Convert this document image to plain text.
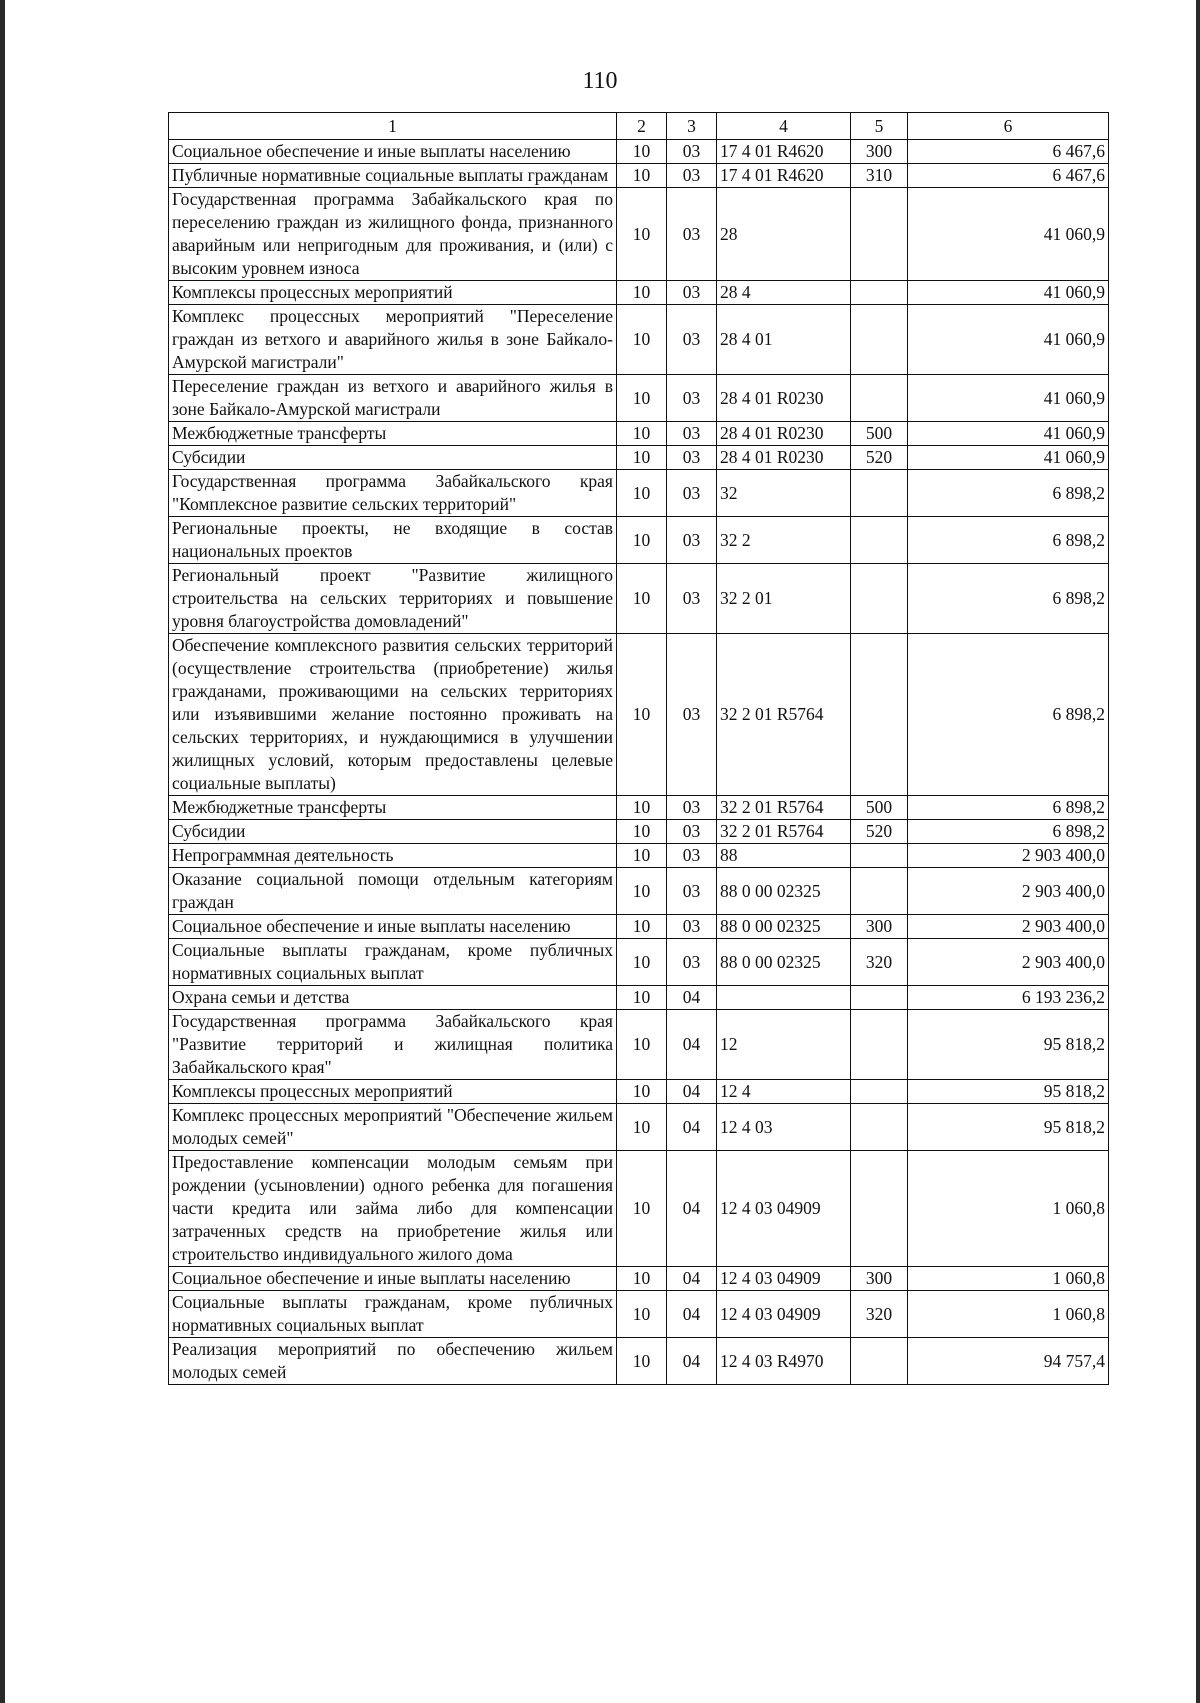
110
1	2	3	4	5	6
Социальное обеспечение и иные выплаты населению	10	03	17 4 01 R4620	300	6 467,6
Публичные нормативные социальные выплаты гражданам	10	03	17 4 01 R4620	310	6 467,6
Государственная программа Забайкальского края по переселению граждан из жилищного фонда, признанного аварийным или непригодным для проживания, и (или) с высоким уровнем износа	10	03	28		41 060,9
Комплексы процессных мероприятий	10	03	28 4		41 060,9
Комплекс процессных мероприятий "Переселение граждан из ветхого и аварийного жилья в зоне Байкало-Амурской магистрали"	10	03	28 4 01		41 060,9
Переселение граждан из ветхого и аварийного жилья в зоне Байкало-Амурской магистрали	10	03	28 4 01 R0230		41 060,9
Межбюджетные трансферты	10	03	28 4 01 R0230	500	41 060,9
Субсидии	10	03	28 4 01 R0230	520	41 060,9
Государственная программа Забайкальского края "Комплексное развитие сельских территорий"	10	03	32		6 898,2
Региональные проекты, не входящие в состав национальных проектов	10	03	32 2		6 898,2
Региональный проект "Развитие жилищного строительства на сельских территориях и повышение уровня благоустройства домовладений"	10	03	32 2 01		6 898,2
Обеспечение комплексного развития сельских территорий (осуществление строительства (приобретение) жилья гражданами, проживающими на сельских территориях или изъявившими желание постоянно проживать на сельских территориях, и нуждающимися в улучшении жилищных условий, которым предоставлены целевые социальные выплаты)	10	03	32 2 01 R5764		6 898,2
Межбюджетные трансферты	10	03	32 2 01 R5764	500	6 898,2
Субсидии	10	03	32 2 01 R5764	520	6 898,2
Непрограммная деятельность	10	03	88		2 903 400,0
Оказание социальной помощи отдельным категориям граждан	10	03	88 0 00 02325		2 903 400,0
Социальное обеспечение и иные выплаты населению	10	03	88 0 00 02325	300	2 903 400,0
Социальные выплаты гражданам, кроме публичных нормативных социальных выплат	10	03	88 0 00 02325	320	2 903 400,0
Охрана семьи и детства	10	04			6 193 236,2
Государственная программа Забайкальского края "Развитие территорий и жилищная политика Забайкальского края"	10	04	12		95 818,2
Комплексы процессных мероприятий	10	04	12 4		95 818,2
Комплекс процессных мероприятий "Обеспечение жильем молодых семей"	10	04	12 4 03		95 818,2
Предоставление компенсации молодым семьям при рождении (усыновлении) одного ребенка для погашения части кредита или займа либо для компенсации затраченных средств на приобретение жилья или строительство индивидуального жилого дома	10	04	12 4 03 04909		1 060,8
Социальное обеспечение и иные выплаты населению	10	04	12 4 03 04909	300	1 060,8
Социальные выплаты гражданам, кроме публичных нормативных социальных выплат	10	04	12 4 03 04909	320	1 060,8
Реализация мероприятий по обеспечению жильем молодых семей	10	04	12 4 03 R4970		94 757,4
